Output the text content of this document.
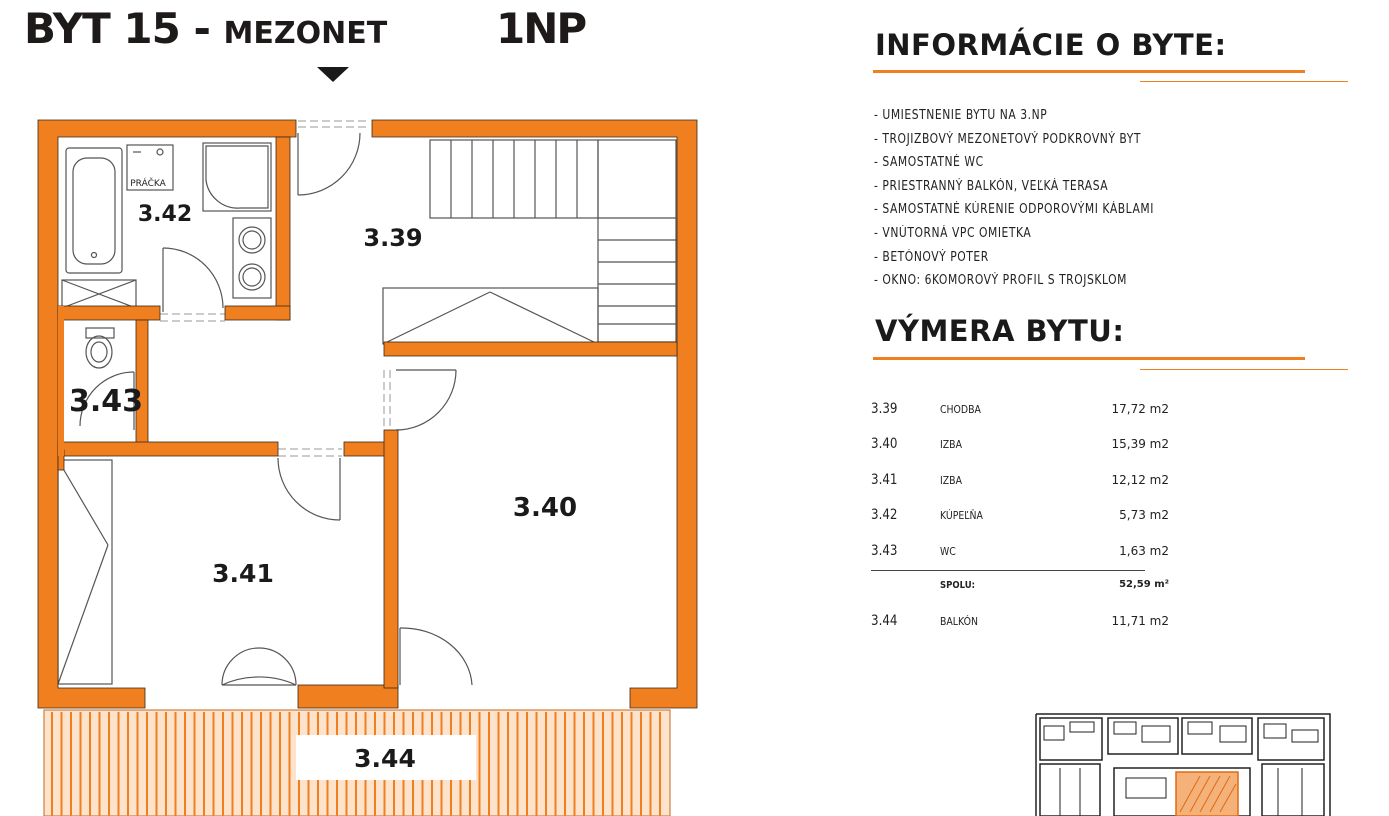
BYT 15 - MEZONET	1NP
3.42
PRÁČKA
3.39
3.43
3.40
3.41
3.44
INFORMÁCIE O BYTE:
- UMIESTNENIE BYTU NA 3.NP
- TROJIZBOVÝ MEZONETOVÝ PODKROVNÝ BYT
- SAMOSTATNÉ WC
- PRIESTRANNÝ BALKÓN, VEĽKÁ TERASA
- SAMOSTATNÉ KÚRENIE ODPOROVÝMI KÁBLAMI
- VNÚTORNÁ VPC OMIETKA
- BETÓNOVÝ POTER
- OKNO: 6KOMOROVÝ PROFIL S TROJSKLOM
VÝMERA BYTU:
3.39	CHODBA	17,72 m2
3.40	IZBA	15,39 m2
3.41	IZBA	12,12 m2
3.42	KÚPEĽŇA	5,73 m2
3.43	WC	1,63 m2
SPOLU:	52,59 m²
3.44	BALKÓN	11,71 m2
